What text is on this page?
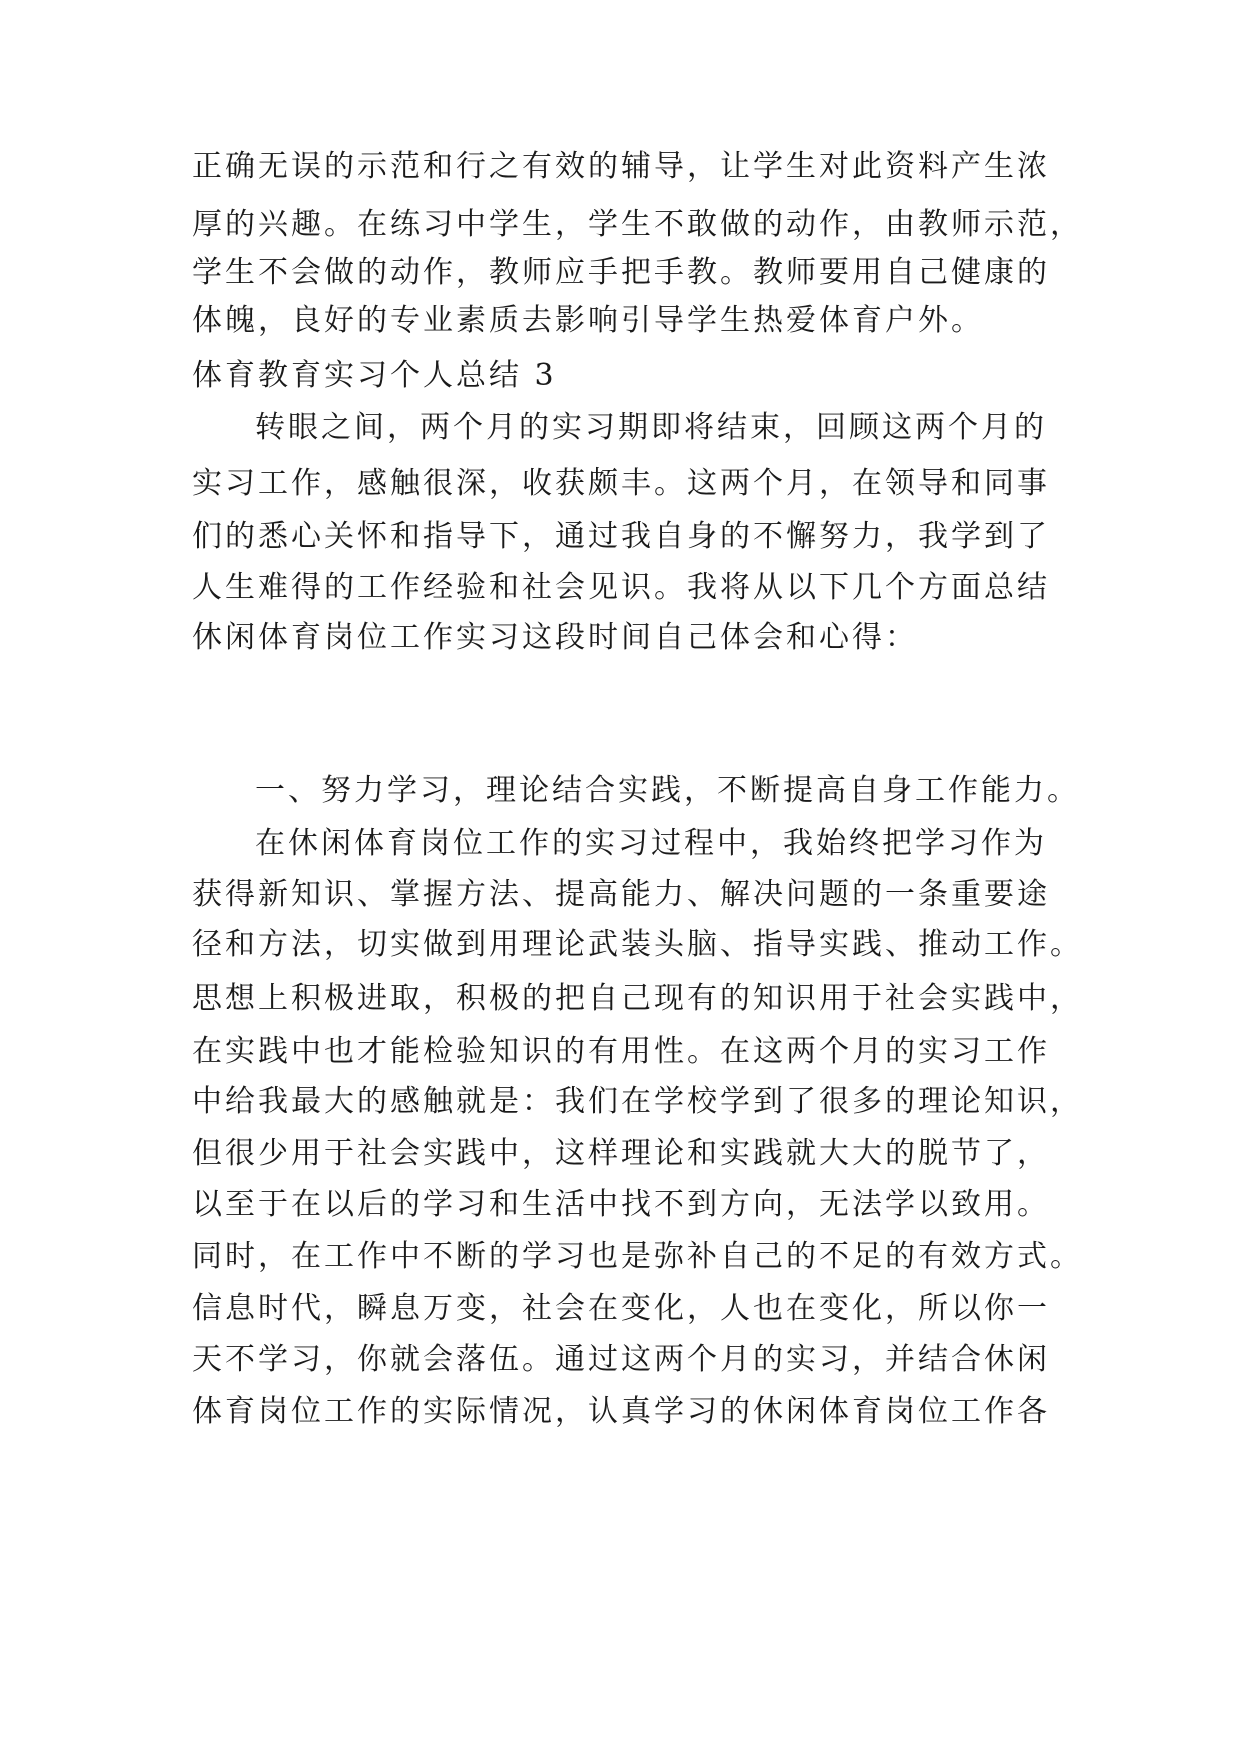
正确无误的示范和行之有效的辅导，让学生对此资料产生浓
厚的兴趣。在练习中学生，学生不敢做的动作，由教师示范，
学生不会做的动作，教师应手把手教。教师要用自己健康的
体魄，良好的专业素质去影响引导学生热爱体育户外。
体育教育实习个人总结 3
转眼之间，两个月的实习期即将结束，回顾这两个月的
实习工作，感触很深，收获颇丰。这两个月，在领导和同事
们的悉心关怀和指导下，通过我自身的不懈努力，我学到了
人生难得的工作经验和社会见识。我将从以下几个方面总结
休闲体育岗位工作实习这段时间自己体会和心得：
一、努力学习，理论结合实践，不断提高自身工作能力。
在休闲体育岗位工作的实习过程中，我始终把学习作为
获得新知识、掌握方法、提高能力、解决问题的一条重要途
径和方法，切实做到用理论武装头脑、指导实践、推动工作。
思想上积极进取，积极的把自己现有的知识用于社会实践中，
在实践中也才能检验知识的有用性。在这两个月的实习工作
中给我最大的感触就是：我们在学校学到了很多的理论知识，
但很少用于社会实践中，这样理论和实践就大大的脱节了，
以至于在以后的学习和生活中找不到方向，无法学以致用。
同时，在工作中不断的学习也是弥补自己的不足的有效方式。
信息时代，瞬息万变，社会在变化，人也在变化，所以你一
天不学习，你就会落伍。通过这两个月的实习，并结合休闲
体育岗位工作的实际情况，认真学习的休闲体育岗位工作各
